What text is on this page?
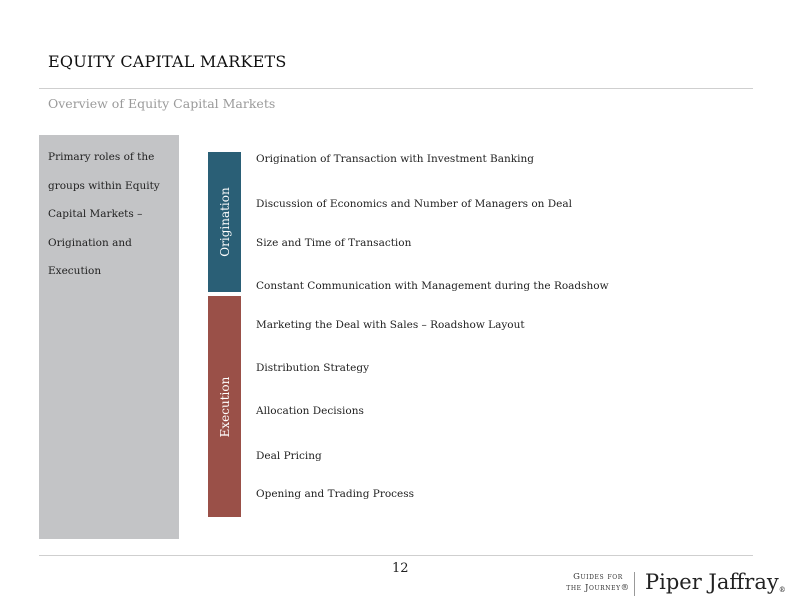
EQUITY CAPITAL MARKETS
Overview of Equity Capital Markets
Primary roles of the groups within Equity Capital Markets – Origination and Execution
Origination
Execution
Origination of Transaction with Investment Banking
Discussion of Economics and Number of Managers on Deal
Size and Time of Transaction
Constant Communication with Management during the Roadshow
Marketing the Deal with Sales – Roadshow Layout
Distribution Strategy
Allocation Decisions
Deal Pricing
Opening and Trading Process
12
Guides for
the Journey® Piper Jaffray®
